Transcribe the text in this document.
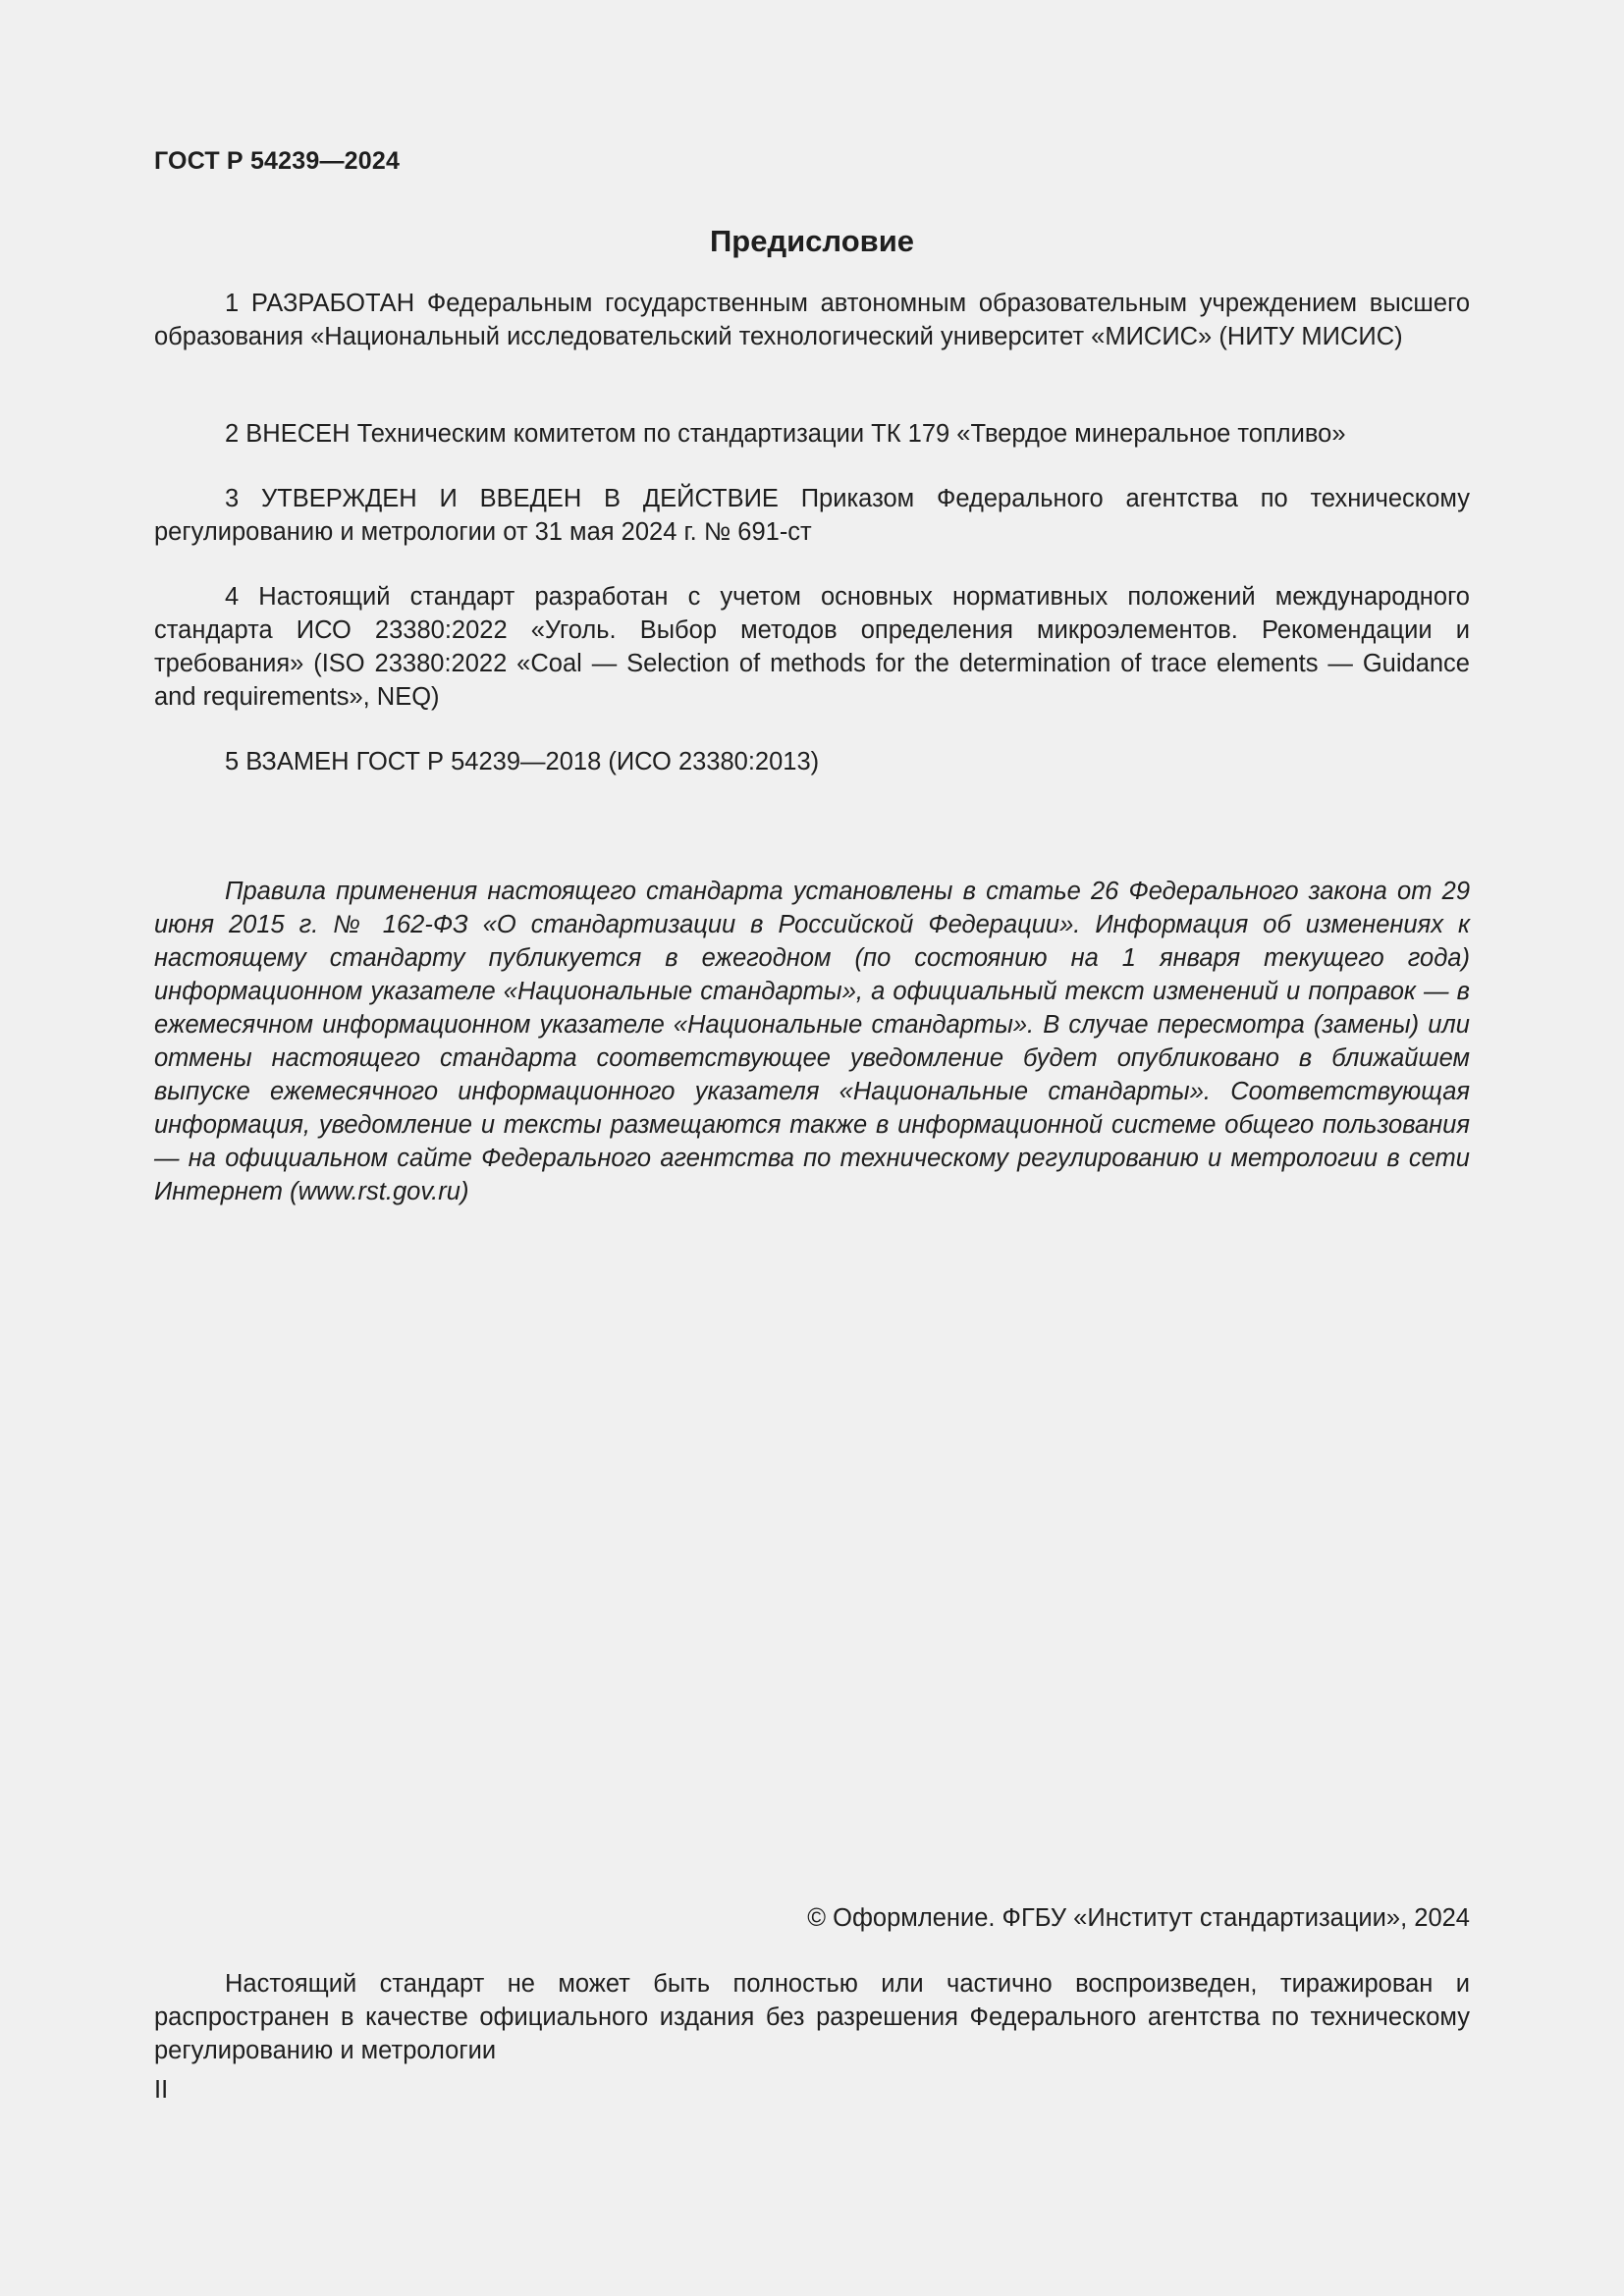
ГОСТ Р 54239—2024
Предисловие

1 РАЗРАБОТАН Федеральным государственным автономным образовательным учреждением высшего образования «Национальный исследовательский технологический университет «МИСИС» (НИТУ МИСИС)

2 ВНЕСЕН Техническим комитетом по стандартизации ТК 179 «Твердое минеральное топливо»

3 УТВЕРЖДЕН И ВВЕДЕН В ДЕЙСТВИЕ Приказом Федерального агентства по техническому регулированию и метрологии от 31 мая 2024 г. № 691-ст

4 Настоящий стандарт разработан с учетом основных нормативных положений международного стандарта ИСО 23380:2022 «Уголь. Выбор методов определения микроэлементов. Рекомендации и требования» (ISO 23380:2022 «Coal — Selection of methods for the determination of trace elements — Guidance and requirements», NEQ)

5 ВЗАМЕН ГОСТ Р 54239—2018 (ИСО 23380:2013)

Правила применения настоящего стандарта установлены в статье 26 Федерального закона от 29 июня 2015 г. № 162-ФЗ «О стандартизации в Российской Федерации». Информация об изменениях к настоящему стандарту публикуется в ежегодном (по состоянию на 1 января текущего года) информационном указателе «Национальные стандарты», а официальный текст изменений и поправок — в ежемесячном информационном указателе «Национальные стандарты». В случае пересмотра (замены) или отмены настоящего стандарта соответствующее уведомление будет опубликовано в ближайшем выпуске ежемесячного информационного указателя «Национальные стандарты». Соответствующая информация, уведомление и тексты размещаются также в информационной системе общего пользования — на официальном сайте Федерального агентства по техническому регулированию и метрологии в сети Интернет (www.rst.gov.ru)

© Оформление. ФГБУ «Институт стандартизации», 2024

Настоящий стандарт не может быть полностью или частично воспроизведен, тиражирован и распространен в качестве официального издания без разрешения Федерального агентства по техническому регулированию и метрологии

II
